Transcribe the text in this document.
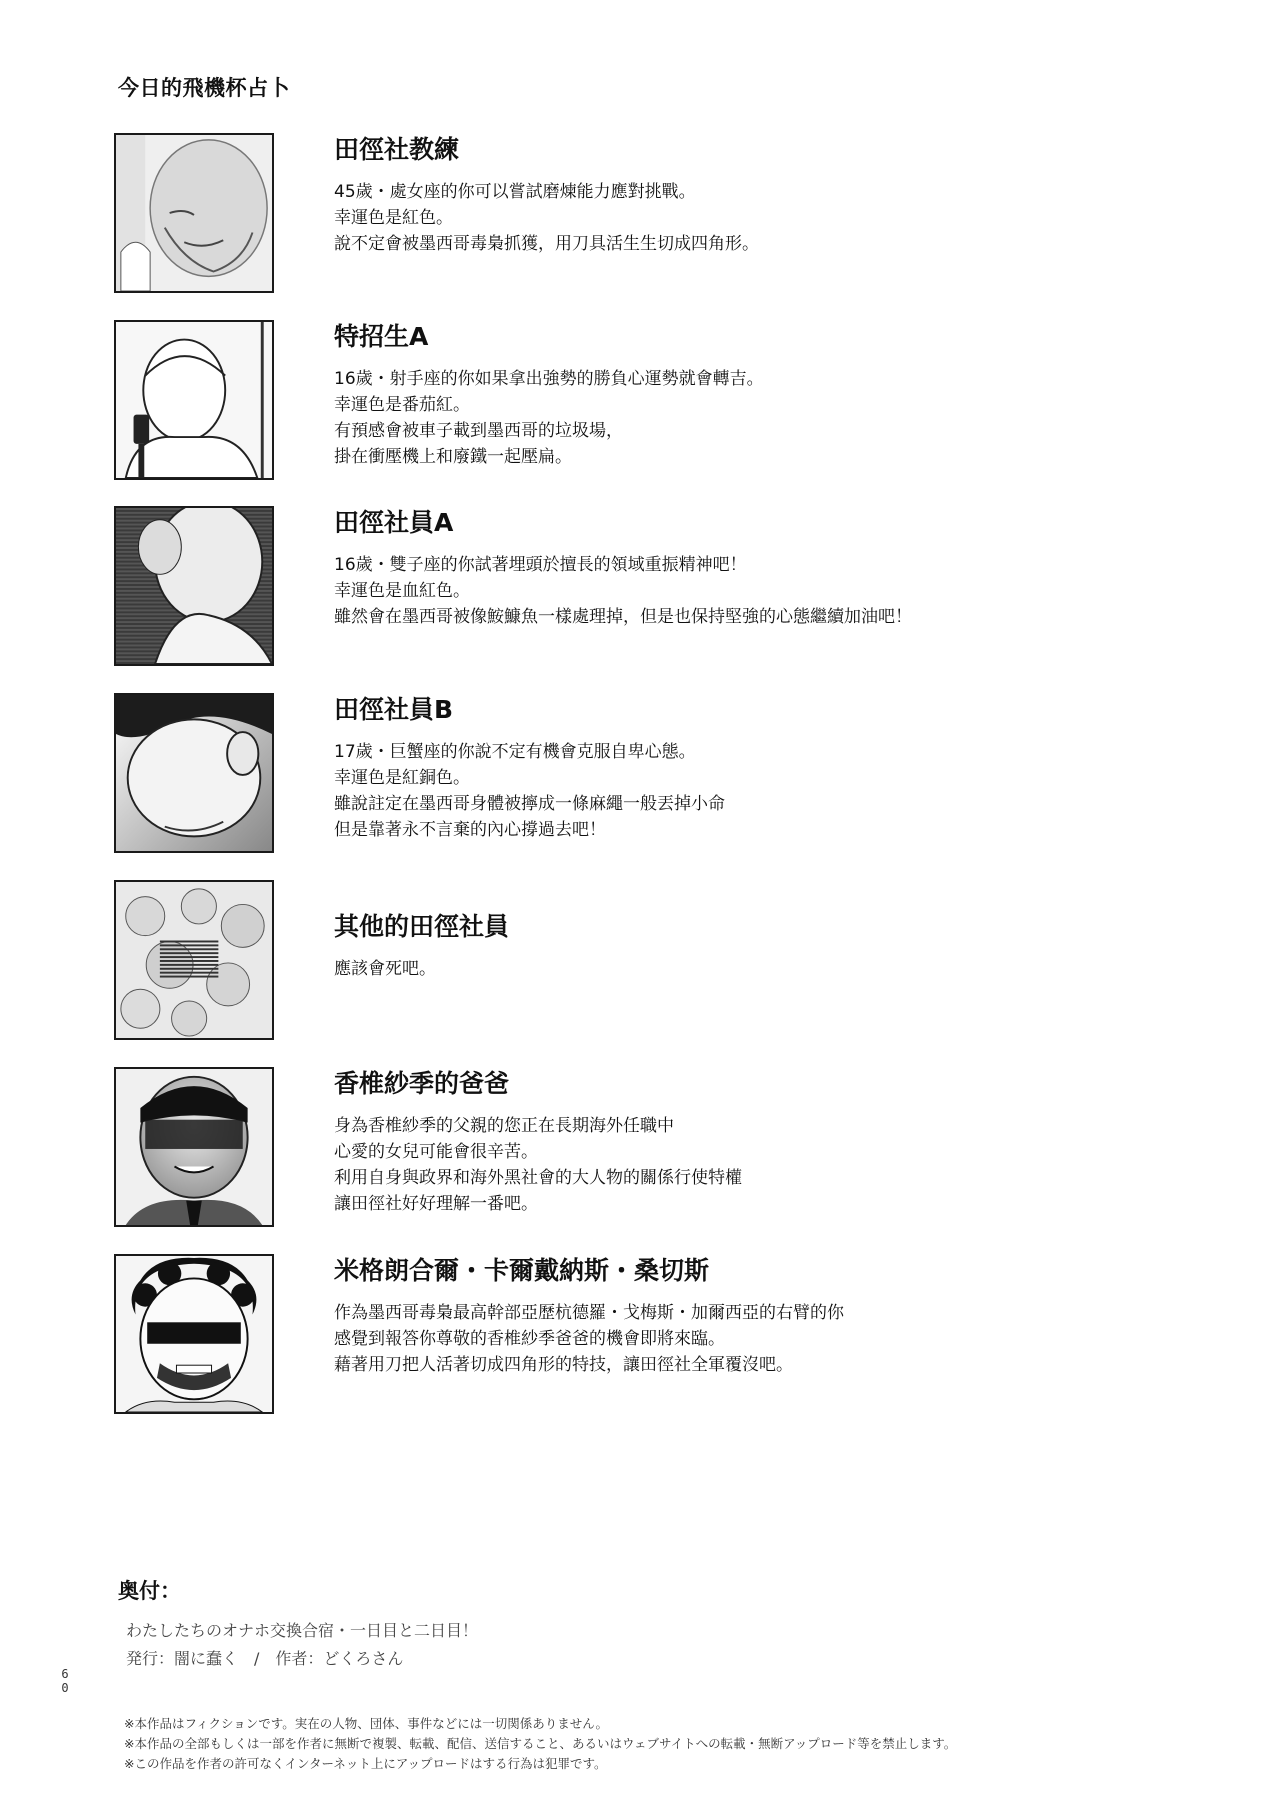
今日的飛機杯占卜
田徑社教練
45歲・處女座的你可以嘗試磨煉能力應對挑戰。
幸運色是紅色。
說不定會被墨西哥毒梟抓獲，用刀具活生生切成四角形。
特招生A
16歲・射手座的你如果拿出強勢的勝負心運勢就會轉吉。
幸運色是番茄紅。
有預感會被車子載到墨西哥的垃圾場，
掛在衝壓機上和廢鐵一起壓扁。
田徑社員A
16歲・雙子座的你試著埋頭於擅長的領域重振精神吧！
幸運色是血紅色。
雖然會在墨西哥被像鮟鱇魚一樣處理掉，但是也保持堅強的心態繼續加油吧！
田徑社員B
17歲・巨蟹座的你說不定有機會克服自卑心態。
幸運色是紅銅色。
雖說註定在墨西哥身體被擰成一條麻繩一般丟掉小命
但是靠著永不言棄的內心撐過去吧！
其他的田徑社員
應該會死吧。
香椎紗季的爸爸
身為香椎紗季的父親的您正在長期海外任職中
心愛的女兒可能會很辛苦。
利用自身與政界和海外黑社會的大人物的關係行使特權
讓田徑社好好理解一番吧。
米格朗合爾・卡爾戴納斯・桑切斯
作為墨西哥毒梟最高幹部亞歷杭德羅・戈梅斯・加爾西亞的右臂的你
感覺到報答你尊敬的香椎紗季爸爸的機會即將來臨。
藉著用刀把人活著切成四角形的特技，讓田徑社全軍覆沒吧。
奥付：
わたしたちのオナホ交換合宿・一日目と二日目！
発行：闇に蠢く　/　作者：どくろさん
6
0
※本作品はフィクションです。実在の人物、団体、事件などには一切関係ありません。
※本作品の全部もしくは一部を作者に無断で複製、転載、配信、送信すること、あるいはウェブサイトへの転載・無断アップロード等を禁止します。
※この作品を作者の許可なくインターネット上にアップロードはする行為は犯罪です。
